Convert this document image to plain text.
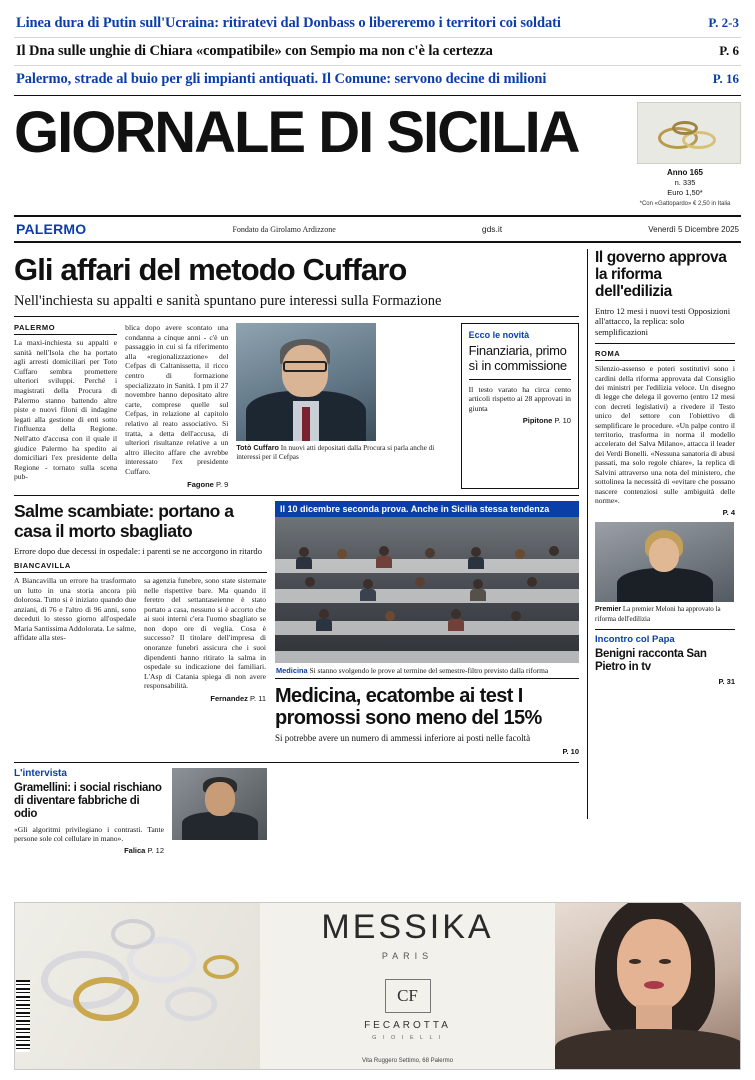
Linea dura di Putin sull'Ucraina: ritiratevi dal Donbass o libereremo i territori coi soldati	P. 2-3
Il Dna sulle unghie di Chiara «compatibile» con Sempio ma non c'è la certezza	P. 6
Palermo, strade al buio per gli impianti antiquati. Il Comune: servono decine di milioni	P. 16
GIORNALE DI SICILIA
Anno 165
n. 335
Euro 1,50*
*Con «Gattopardo» € 2,50 in Italia
PALERMO	Fondato da Girolamo Ardizzone	gds.it	Venerdì 5 Dicembre 2025
Gli affari del metodo Cuffaro
Nell'inchiesta su appalti e sanità spuntano pure interessi sulla Formazione
PALERMO
La maxi-inchiesta su appalti e sanità nell'Isola che ha portato agli arresti domiciliari per Toto Cuffaro sembra promettere ulteriori sviluppi. Perché i magistrati della Procura di Palermo stanno battendo altre piste e nuovi filoni di indagine legati alla gestione di enti sotto l'influenza della Regione. Nell'atto d'accusa con il quale il giudice Palermo ha spedito ai domiciliari l'ex presidente della Regione - tornato sulla scena pub-
blica dopo avere scontato una condanna a cinque anni - c'è un passaggio in cui si fa riferimento alla «regionalizzazione» del Cefpas di Caltanissetta, il ricco centro di formazione specializzato in Sanità. I pm il 27 novembre hanno depositato altre carte, comprese quelle sul Cefpas, in relazione al capitolo relativo al reato associativo. Si tratta, a detta dell'accusa, di ulteriori risultanze relative a un altro illecito affare che avrebbe interessato l'ex presidente Cuffaro.
Fagone P. 9
Totò Cuffaro In nuovi atti depositati dalla Procura si parla anche di interessi per il Cefpas
Ecco le novità
Finanziaria, primo sì in commissione
Il testo varato ha circa cento articoli rispetto ai 28 approvati in giunta
Pipitone P. 10
Salme scambiate: portano a casa il morto sbagliato
Errore dopo due decessi in ospedale: i parenti se ne accorgono in ritardo
BIANCAVILLA
A Biancavilla un errore ha trasformato un lutto in una storia ancora più dolorosa. Tutto si è iniziato quando due anziani, di 76 e l'altro di 96 anni, sono deceduti lo stesso giorno all'ospedale Maria Santissima Addolorata. Le salme, affidate alla stes-
sa agenzia funebre, sono state sistemate nelle rispettive bare. Ma quando il feretro del settantaseienne è stato portato a casa, nessuno si è accorto che ai suoi interni c'era l'uomo sbagliato se non dopo ore di veglia. Cosa è successo? Il titolare dell'impresa di onoranze funebri assicura che i suoi dipendenti hanno ritirato la salma in ospedale su indicazione dei familiari. L'Asp di Catania spiega di non avere responsabilità.
Fernandez P. 11
Il 10 dicembre seconda prova. Anche in Sicilia stessa tendenza
Medicina Si stanno svolgendo le prove al termine del semestre-filtro previsto dalla riforma
Medicina, ecatombe ai test I promossi sono meno del 15%
Si potrebbe avere un numero di ammessi inferiore ai posti nelle facoltà
P. 10
L'intervista
Gramellini: i social rischiano di diventare fabbriche di odio
«Gli algoritmi privilegiano i contrasti. Tante persone sole col cellulare in mano».
Falica P. 12
Il governo approva la riforma dell'edilizia
Entro 12 mesi i nuovi testi Opposizioni all'attacco, la replica: solo semplificazioni
ROMA
Silenzio-assenso e poteri sostitutivi sono i cardini della riforma approvata dal Consiglio dei ministri per l'edilizia veloce. Un disegno di legge che delega il governo (entro 12 mesi con decreti legislativi) a rivedere il Testo unico del settore con l'obiettivo di semplificare le procedure. «Un palpe contro il territorio, trasforma in norma il modello accelerato del Salva Milano», attacca il leader dei Verdi Bonelli. «Nessuna sanatoria di abusi passati, ma solo regole chiare», la replica di Salvini attraverso una nota del ministero, che sottolinea la necessità di «evitare che possano nascere contenziosi sulle ambiguità delle norme».
P. 4
Premier La premier Meloni ha approvato la riforma dell'edilizia
Incontro col Papa
Benigni racconta San Pietro in tv
P. 31
MESSIKA
PARIS
CF
FECAROTTA
G I O I E L L I
Vita Ruggero Settimo, 68 Palermo
